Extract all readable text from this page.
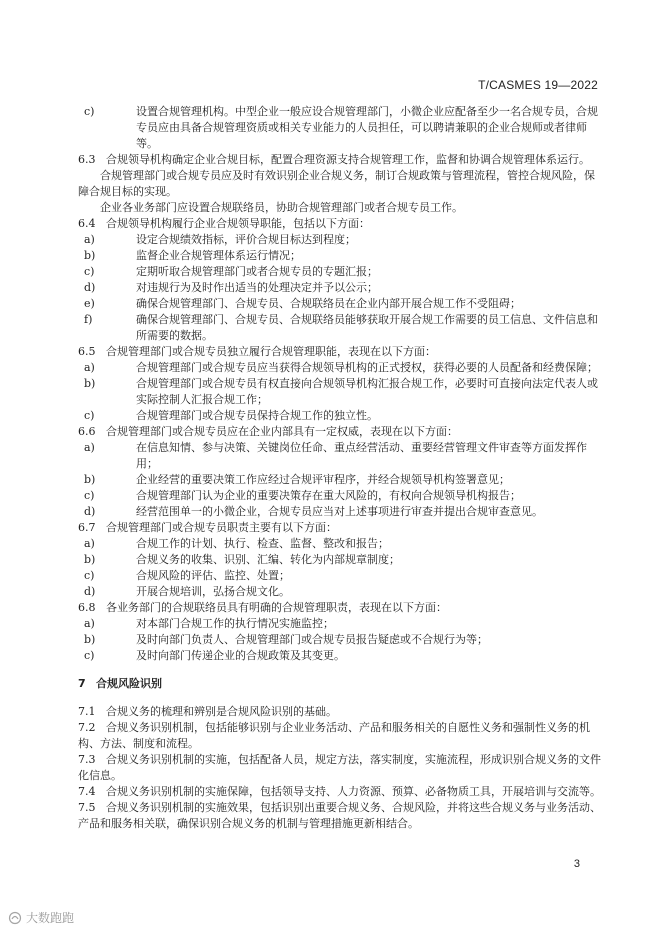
T/CASMES 19—2022
c)	设置合规管理机构。中型企业一般应设合规管理部门，小微企业应配备至少一名合规专员，合规专员应由具备合规管理资质或相关专业能力的人员担任，可以聘请兼职的企业合规师或者律师等。
6.3 合规领导机构确定企业合规目标，配置合理资源支持合规管理工作，监督和协调合规管理体系运行。
合规管理部门或合规专员应及时有效识别企业合规义务，制订合规政策与管理流程，管控合规风险，保障合规目标的实现。
企业各业务部门应设置合规联络员，协助合规管理部门或者合规专员工作。
6.4 合规领导机构履行企业合规领导职能，包括以下方面：
a)	设定合规绩效指标，评价合规目标达到程度；
b)	监督企业合规管理体系运行情况；
c)	定期听取合规管理部门或者合规专员的专题汇报；
d)	对违规行为及时作出适当的处理决定并予以公示；
e)	确保合规管理部门、合规专员、合规联络员在企业内部开展合规工作不受阻碍；
f)	确保合规管理部门、合规专员、合规联络员能够获取开展合规工作需要的员工信息、文件信息和所需要的数据。
6.5 合规管理部门或合规专员独立履行合规管理职能，表现在以下方面：
a)	合规管理部门或合规专员应当获得合规领导机构的正式授权，获得必要的人员配备和经费保障；
b)	合规管理部门或合规专员有权直接向合规领导机构汇报合规工作，必要时可直接向法定代表人或实际控制人汇报合规工作；
c)	合规管理部门或合规专员保持合规工作的独立性。
6.6 合规管理部门或合规专员应在企业内部具有一定权威，表现在以下方面：
a)	在信息知情、参与决策、关键岗位任命、重点经营活动、重要经营管理文件审查等方面发挥作用；
b)	企业经营的重要决策工作应经过合规评审程序，并经合规领导机构签署意见；
c)	合规管理部门认为企业的重要决策存在重大风险的，有权向合规领导机构报告；
d)	经营范围单一的小微企业，合规专员应当对上述事项进行审查并提出合规审查意见。
6.7 合规管理部门或合规专员职责主要有以下方面：
a)	合规工作的计划、执行、检查、监督、整改和报告；
b)	合规义务的收集、识别、汇编、转化为内部规章制度；
c)	合规风险的评估、监控、处置；
d)	开展合规培训，弘扬合规文化。
6.8 各业务部门的合规联络员具有明确的合规管理职责，表现在以下方面：
a)	对本部门合规工作的执行情况实施监控；
b)	及时向部门负责人、合规管理部门或合规专员报告疑虑或不合规行为等；
c)	及时向部门传递企业的合规政策及其变更。
7 合规风险识别
7.1 合规义务的梳理和辨别是合规风险识别的基础。
7.2 合规义务识别机制，包括能够识别与企业业务活动、产品和服务相关的自愿性义务和强制性义务的机构、方法、制度和流程。
7.3 合规义务识别机制的实施，包括配备人员，规定方法，落实制度，实施流程，形成识别合规义务的文件化信息。
7.4 合规义务识别机制的实施保障，包括领导支持、人力资源、预算、必备物质工具，开展培训与交流等。
7.5 合规义务识别机制的实施效果，包括识别出重要合规义务、合规风险，并将这些合规义务与业务活动、产品和服务相关联，确保识别合规义务的机制与管理措施更新相结合。
3
大数跑跑
